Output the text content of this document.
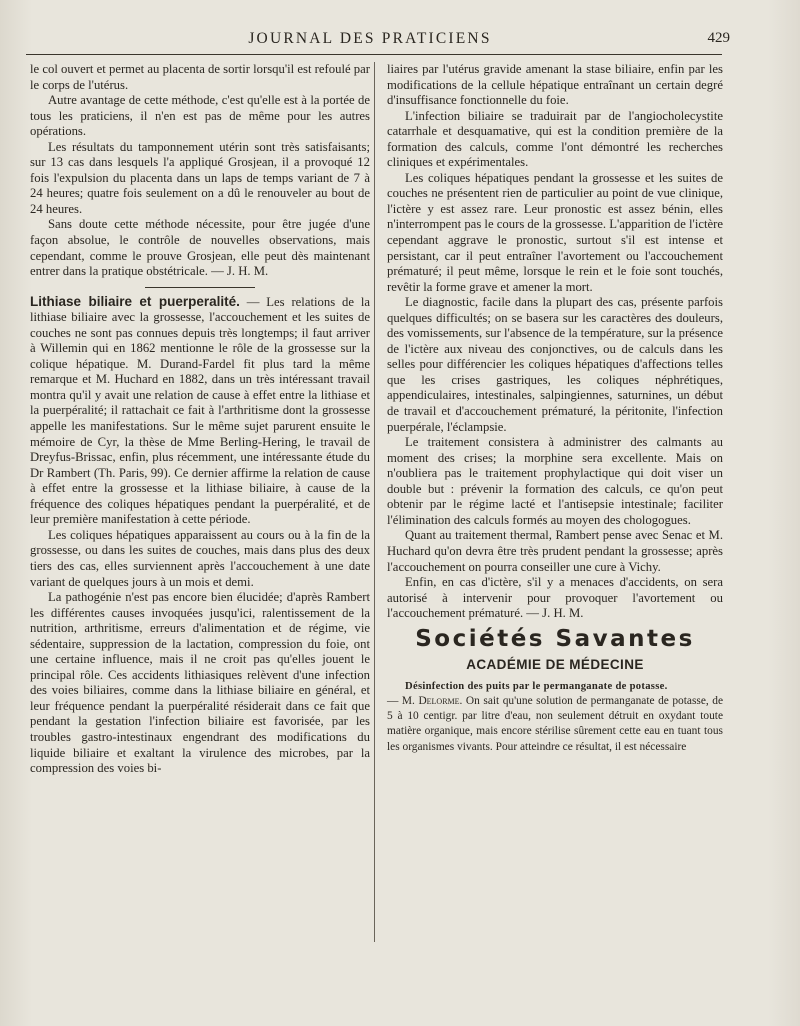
JOURNAL DES PRATICIENS	429

le col ouvert et permet au placenta de sortir lorsqu'il est refoulé par le corps de l'utérus.

Autre avantage de cette méthode, c'est qu'elle est à la portée de tous les praticiens, il n'en est pas de même pour les autres opérations.

Les résultats du tamponnement utérin sont très satisfaisants; sur 13 cas dans lesquels l'a appliqué Grosjean, il a provoqué 12 fois l'expulsion du placenta dans un laps de temps variant de 7 à 24 heures; quatre fois seulement on a dû le renouveler au bout de 24 heures.

Sans doute cette méthode nécessite, pour être jugée d'une façon absolue, le contrôle de nouvelles observations, mais cependant, comme le prouve Grosjean, elle peut dès maintenant entrer dans la pratique obstétricale. — J. H. M.

Lithiase biliaire et puerperalité. — Les relations de la lithiase biliaire avec la grossesse, l'accouchement et les suites de couches ne sont pas connues depuis très longtemps; il faut arriver à Willemin qui en 1862 mentionne le rôle de la grossesse sur la colique hépatique. M. Durand-Fardel fit plus tard la même remarque et M. Huchard en 1882, dans un très intéressant travail montra qu'il y avait une relation de cause à effet entre la lithiase et la puerpéralité; il rattachait ce fait à l'arthritisme dont la grossesse appelle les manifestations. Sur le même sujet parurent ensuite le mémoire de Cyr, la thèse de Mme Berling-Hering, le travail de Dreyfus-Brissac, enfin, plus récemment, une intéressante étude du Dr Rambert (Th. Paris, 99). Ce dernier affirme la relation de cause à effet entre la grossesse et la lithiase biliaire, à cause de la fréquence des coliques hépatiques pendant la puerpéralité, et de leur première manifestation à cette période.

Les coliques hépatiques apparaissent au cours ou à la fin de la grossesse, ou dans les suites de couches, mais dans plus des deux tiers des cas, elles surviennent après l'accouchement à une date variant de quelques jours à un mois et demi.

La pathogénie n'est pas encore bien élucidée; d'après Rambert les différentes causes invoquées jusqu'ici, ralentissement de la nutrition, arthritisme, erreurs d'alimentation et de régime, vie sédentaire, suppression de la lactation, compression du foie, ont une certaine influence, mais il ne croit pas qu'elles jouent le principal rôle. Ces accidents lithiasiques relèvent d'une infection des voies biliaires, comme dans la lithiase biliaire en général, et leur fréquence pendant la puerpéralité résiderait dans ce fait que pendant la gestation l'infection biliaire est favorisée, par les troubles gastro-intestinaux engendrant des modifications du liquide biliaire et exaltant la virulence des microbes, par la compression des voies bi-

liaires par l'utérus gravide amenant la stase biliaire, enfin par les modifications de la cellule hépatique entraînant un certain degré d'insuffisance fonctionnelle du foie.

L'infection biliaire se traduirait par de l'angiocholecystite catarrhale et desquamative, qui est la condition première de la formation des calculs, comme l'ont démontré les recherches cliniques et expérimentales.

Les coliques hépatiques pendant la grossesse et les suites de couches ne présentent rien de particulier au point de vue clinique, l'ictère y est assez rare. Leur pronostic est assez bénin, elles n'interrompent pas le cours de la grossesse. L'apparition de l'ictère cependant aggrave le pronostic, surtout s'il est intense et persistant, car il peut entraîner l'avortement ou l'accouchement prématuré; il peut même, lorsque le rein et le foie sont touchés, revêtir la forme grave et amener la mort.

Le diagnostic, facile dans la plupart des cas, présente parfois quelques difficultés; on se basera sur les caractères des douleurs, des vomissements, sur l'absence de la température, sur la présence de l'ictère aux niveau des conjonctives, ou de calculs dans les selles pour différencier les coliques hépatiques d'affections telles que les crises gastriques, les coliques néphrétiques, appendiculaires, intestinales, salpingiennes, saturnines, un début de travail et d'accouchement prématuré, la péritonite, l'infection puerpérale, l'éclampsie.

Le traitement consistera à administrer des calmants au moment des crises; la morphine sera excellente. Mais on n'oubliera pas le traitement prophylactique qui doit viser un double but : prévenir la formation des calculs, ce qu'on peut obtenir par le régime lacté et l'antisepsie intestinale; faciliter l'élimination des calculs formés au moyen des chologogues.

Quant au traitement thermal, Rambert pense avec Senac et M. Huchard qu'on devra être très prudent pendant la grossesse; après l'accouchement on pourra conseiller une cure à Vichy.

Enfin, en cas d'ictère, s'il y a menaces d'accidents, on sera autorisé à intervenir pour provoquer l'avortement ou l'accouchement prématuré. — J. H. M.

Sociétés Savantes
ACADÉMIE DE MÉDECINE

Désinfection des puits par le permanganate de potasse.
— M. Delorme. On sait qu'une solution de permanganate de potasse, de 5 à 10 centigr. par litre d'eau, non seulement détruit en oxydant toute matière organique, mais encore stérilise sûrement cette eau en tuant tous les organismes vivants. Pour atteindre ce résultat, il est nécessaire
